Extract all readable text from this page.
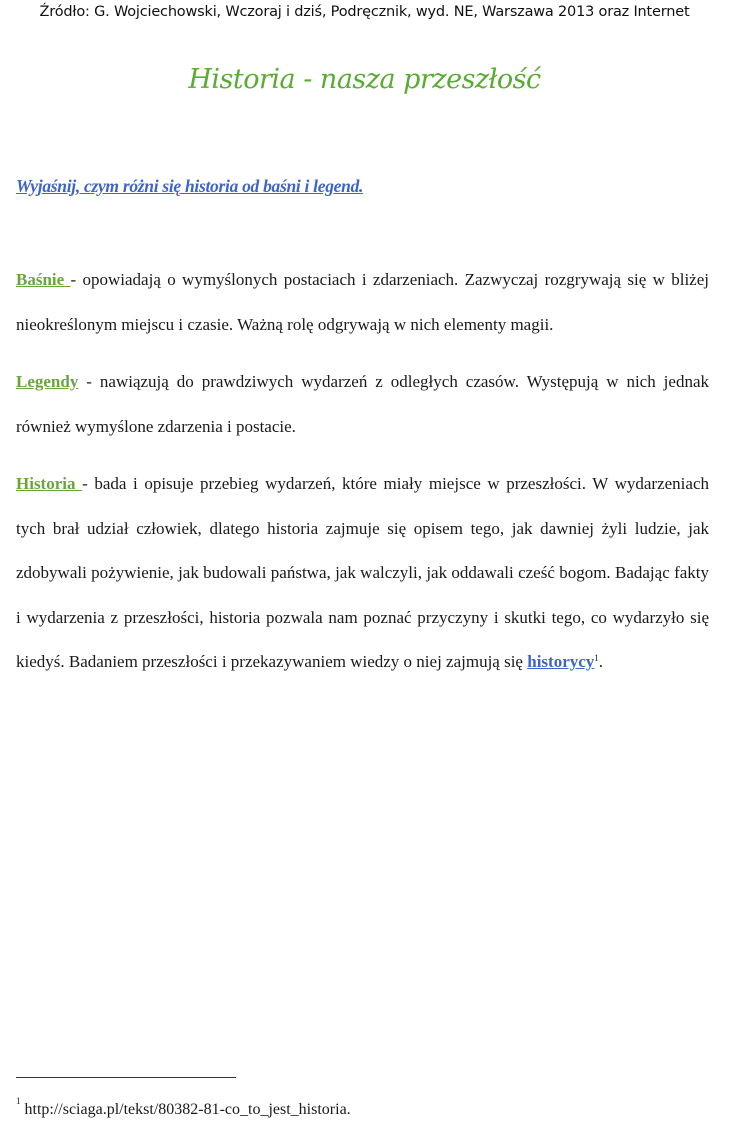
Źródło: G. Wojciechowski, Wczoraj i dziś, Podręcznik, wyd. NE, Warszawa 2013 oraz Internet
Historia - nasza przeszłość
Wyjaśnij, czym różni się historia od baśni i legend.
Baśnie - opowiadają o wymyślonych postaciach i zdarzeniach. Zazwyczaj rozgrywają się w bliżej nieokreślonym miejscu i czasie. Ważną rolę odgrywają w nich elementy magii.
Legendy - nawiązują do prawdziwych wydarzeń z odległych czasów. Występują w nich jednak również wymyślone zdarzenia i postacie.
Historia - bada i opisuje przebieg wydarzeń, które miały miejsce w przeszłości. W wydarzeniach tych brał udział człowiek, dlatego historia zajmuje się opisem tego, jak dawniej żyli ludzie, jak zdobywali pożywienie, jak budowali państwa, jak walczyli, jak oddawali cześć bogom. Badając fakty i wydarzenia z przeszłości, historia pozwala nam poznać przyczyny i skutki tego, co wydarzyło się kiedyś. Badaniem przeszłości i przekazywaniem wiedzy o niej zajmują się historycy$^1$.
$^1$ http://sciaga.pl/tekst/80382-81-co_to_jest_historia.
